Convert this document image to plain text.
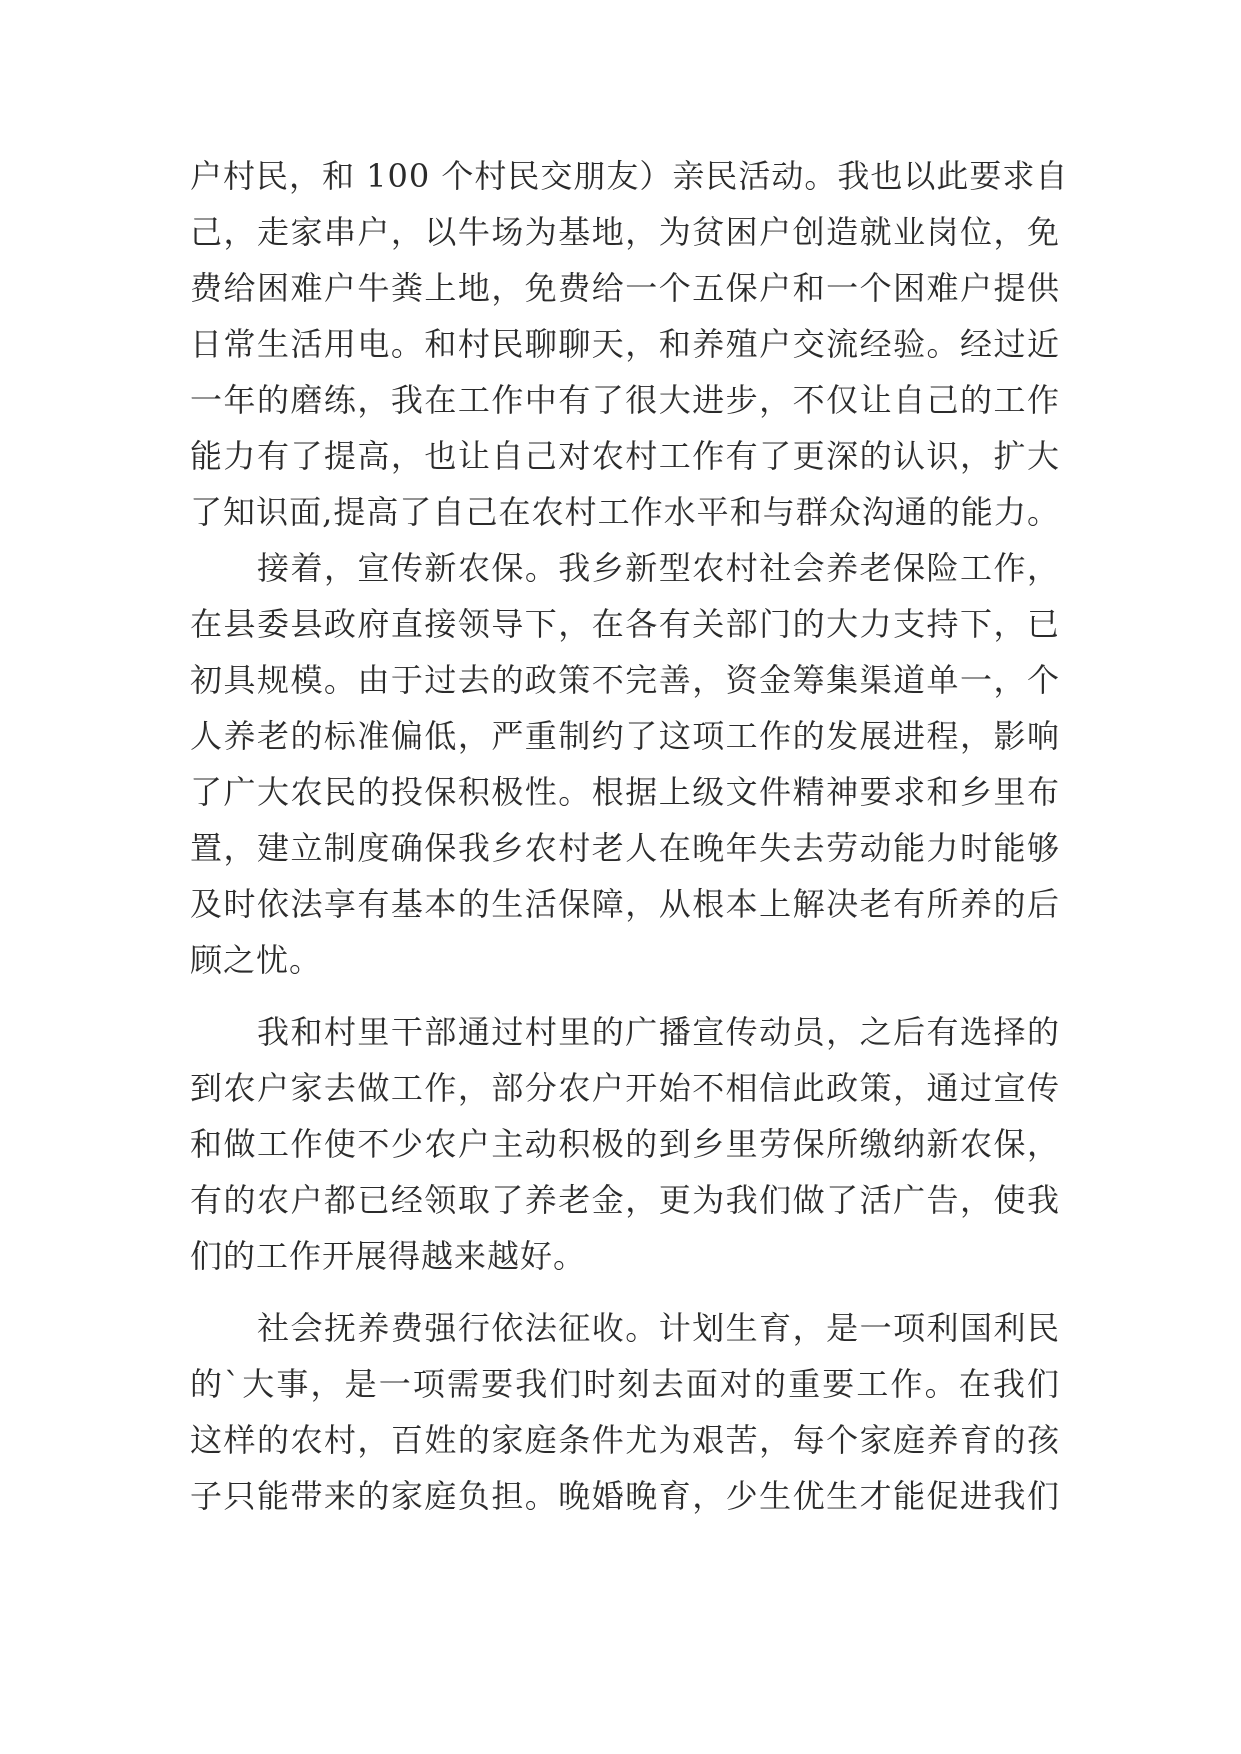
户村民，和 100 个村民交朋友）亲民活动。我也以此要求自

己，走家串户，以牛场为基地，为贫困户创造就业岗位，免

费给困难户牛粪上地，免费给一个五保户和一个困难户提供

日常生活用电。和村民聊聊天，和养殖户交流经验。经过近

一年的磨练，我在工作中有了很大进步，不仅让自己的工作

能力有了提高，也让自己对农村工作有了更深的认识，扩大

了知识面,提高了自己在农村工作水平和与群众沟通的能力。

接着，宣传新农保。我乡新型农村社会养老保险工作，

在县委县政府直接领导下，在各有关部门的大力支持下，已

初具规模。由于过去的政策不完善，资金筹集渠道单一，个

人养老的标准偏低，严重制约了这项工作的发展进程，影响

了广大农民的投保积极性。根据上级文件精神要求和乡里布

置，建立制度确保我乡农村老人在晚年失去劳动能力时能够

及时依法享有基本的生活保障，从根本上解决老有所养的后

顾之忧。

我和村里干部通过村里的广播宣传动员，之后有选择的

到农户家去做工作，部分农户开始不相信此政策，通过宣传

和做工作使不少农户主动积极的到乡里劳保所缴纳新农保，

有的农户都已经领取了养老金，更为我们做了活广告，使我

们的工作开展得越来越好。

社会抚养费强行依法征收。计划生育，是一项利国利民

的`大事，是一项需要我们时刻去面对的重要工作。在我们

这样的农村，百姓的家庭条件尤为艰苦，每个家庭养育的孩

子只能带来的家庭负担。晚婚晚育，少生优生才能促进我们
